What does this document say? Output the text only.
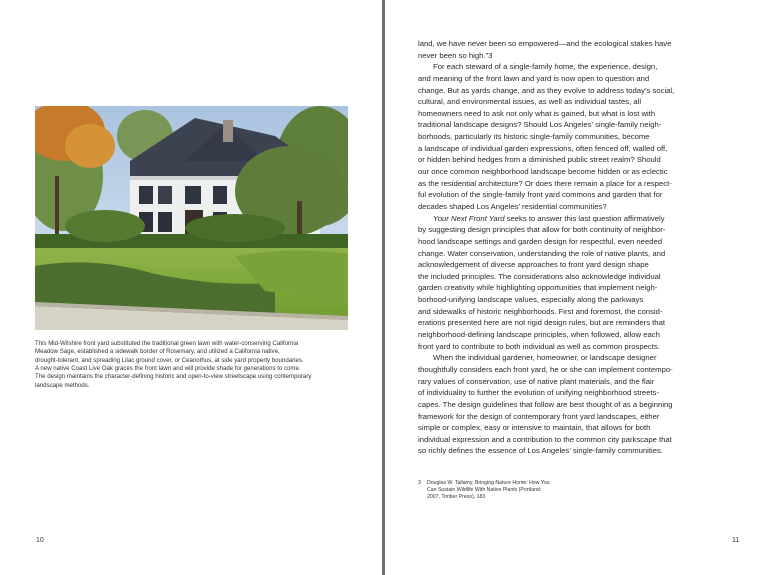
This Mid-Wilshire front yard substituted the traditional green lawn with water-conserving California

Meadow Sage, established a sidewalk border of Rosemary, and utilized a California native,

drought-tolerant, and spreading Lilac ground cover, or Ceanothus, at side yard property boundaries.

A new native Coast Live Oak graces the front lawn and will provide shade for generations to come.

The design maintains the character-defining historic and open-to-view streetscape using contemporary

landscape methods.

10
land, we have never been so empowered—and the ecological stakes have
never been so high.”3
For each steward of a single-family home, the experience, design,
and meaning of the front lawn and yard is now open to question and
change. But as yards change, and as they evolve to address today’s social,
cultural, and environmental issues, as well as individual tastes, all
homeowners need to ask not only what is gained, but what is lost with
traditional landscape designs? Should Los Angeles’ single-family neigh-
borhoods, particularly its historic single-family communities, become
a landscape of individual garden expressions, often fenced off, walled off,
or hidden behind hedges from a diminished public street realm? Should
our once common neighborhood landscape become hidden or as eclectic
as the residential architecture? Or does there remain a place for a respect-
ful evolution of the single-family front yard commons and garden that for
decades shaped Los Angeles’ residential communities?
Your Next Front Yard seeks to answer this last question affirmatively
by suggesting design principles that allow for both continuity of neighbor-
hood landscape settings and garden design for respectful, even needed
change. Water conservation, understanding the role of native plants, and
acknowledgement of diverse approaches to front yard design shape
the included principles. The considerations also acknowledge individual
garden creativity while highlighting opportunities that implement neigh-
borhood-unifying landscape values, especially along the parkways
and sidewalks of historic neighborhoods. First and foremost, the consid-
erations presented here are not rigid design rules, but are reminders that
neighborhood-defining landscape principles, when followed, allow each
front yard to contribute to both individual as well as common prospects.
When the individual gardener, homeowner, or landscape designer
thoughtfully considers each front yard, he or she can implement contempo-
rary values of conservation, use of native plant materials, and the flair
of individuality to further the evolution of unifying neighborhood streets-
capes. The design guidelines that follow are best thought of as a beginning
framework for the design of contemporary front yard landscapes, either
simple or complex, easy or intensive to maintain, that allows for both
individual expression and a contribution to the common city parkscape that
so richly defines the essence of Los Angeles’ single-family communities.
3 Douglas W. Tallamy, Bringing Nature Home: How You
Can Sustain Wildlife With Native Plants (Portland:
2007, Timber Press), 183
11
